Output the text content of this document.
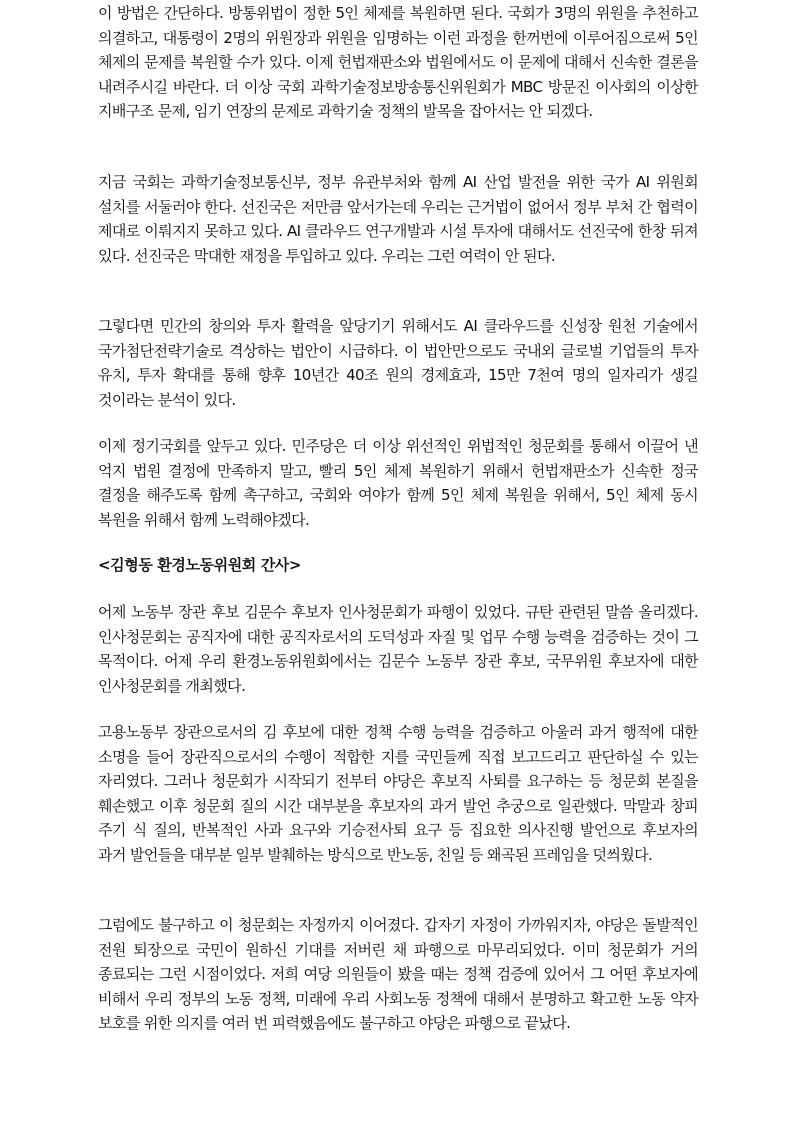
이 방법은 간단하다. 방통위법이 정한 5인 체제를 복원하면 된다. 국회가 3명의 위원을 추천하고 의결하고, 대통령이 2명의 위원장과 위원을 임명하는 이런 과정을 한꺼번에 이루어짐으로써 5인 체제의 문제를 복원할 수가 있다. 이제 헌법재판소와 법원에서도 이 문제에 대해서 신속한 결론을 내려주시길 바란다. 더 이상 국회 과학기술정보방송통신위원회가 MBC 방문진 이사회의 이상한 지배구조 문제, 임기 연장의 문제로 과학기술 정책의 발목을 잡아서는 안 되겠다.

지금 국회는 과학기술정보통신부, 정부 유관부처와 함께 AI 산업 발전을 위한 국가 AI 위원회 설치를 서둘러야 한다. 선진국은 저만큼 앞서가는데 우리는 근거법이 없어서 정부 부처 간 협력이 제대로 이뤄지지 못하고 있다. AI 클라우드 연구개발과 시설 투자에 대해서도 선진국에 한창 뒤져 있다. 선진국은 막대한 재정을 투입하고 있다. 우리는 그런 여력이 안 된다.

그렇다면 민간의 창의와 투자 활력을 앞당기기 위해서도 AI 클라우드를 신성장 원천 기술에서 국가첨단전략기술로 격상하는 법안이 시급하다. 이 법안만으로도 국내외 글로벌 기업들의 투자 유치, 투자 확대를 통해 향후 10년간 40조 원의 경제효과, 15만 7천여 명의 일자리가 생길 것이라는 분석이 있다.

이제 정기국회를 앞두고 있다. 민주당은 더 이상 위선적인 위법적인 청문회를 통해서 이끌어 낸 억지 법원 결정에 만족하지 말고, 빨리 5인 체제 복원하기 위해서 헌법재판소가 신속한 정국 결정을 해주도록 함께 촉구하고, 국회와 여야가 함께 5인 체제 복원을 위해서, 5인 체제 동시 복원을 위해서 함께 노력해야겠다.

<김형동 환경노동위원회 간사>

어제 노동부 장관 후보 김문수 후보자 인사청문회가 파행이 있었다. 규탄 관련된 말씀 올리겠다. 인사청문회는 공직자에 대한 공직자로서의 도덕성과 자질 및 업무 수행 능력을 검증하는 것이 그 목적이다. 어제 우리 환경노동위원회에서는 김문수 노동부 장관 후보, 국무위원 후보자에 대한 인사청문회를 개최했다.

고용노동부 장관으로서의 김 후보에 대한 정책 수행 능력을 검증하고 아울러 과거 행적에 대한 소명을 들어 장관직으로서의 수행이 적합한 지를 국민들께 직접 보고드리고 판단하실 수 있는 자리였다. 그러나 청문회가 시작되기 전부터 야당은 후보직 사퇴를 요구하는 등 청문회 본질을 훼손했고 이후 청문회 질의 시간 대부분을 후보자의 과거 발언 추궁으로 일관했다. 막말과 창피 주기 식 질의, 반복적인 사과 요구와 기승전사퇴 요구 등 집요한 의사진행 발언으로 후보자의 과거 발언들을 대부분 일부 발췌하는 방식으로 반노동, 친일 등 왜곡된 프레임을 덧씌웠다.

그럼에도 불구하고 이 청문회는 자정까지 이어졌다. 갑자기 자정이 가까워지자, 야당은 돌발적인 전원 퇴장으로 국민이 원하신 기대를 저버린 채 파행으로 마무리되었다. 이미 청문회가 거의 종료되는 그런 시점이었다. 저희 여당 의원들이 봤을 때는 정책 검증에 있어서 그 어떤 후보자에 비해서 우리 정부의 노동 정책, 미래에 우리 사회노동 정책에 대해서 분명하고 확고한 노동 약자 보호를 위한 의지를 여러 번 피력했음에도 불구하고 야당은 파행으로 끝났다.
